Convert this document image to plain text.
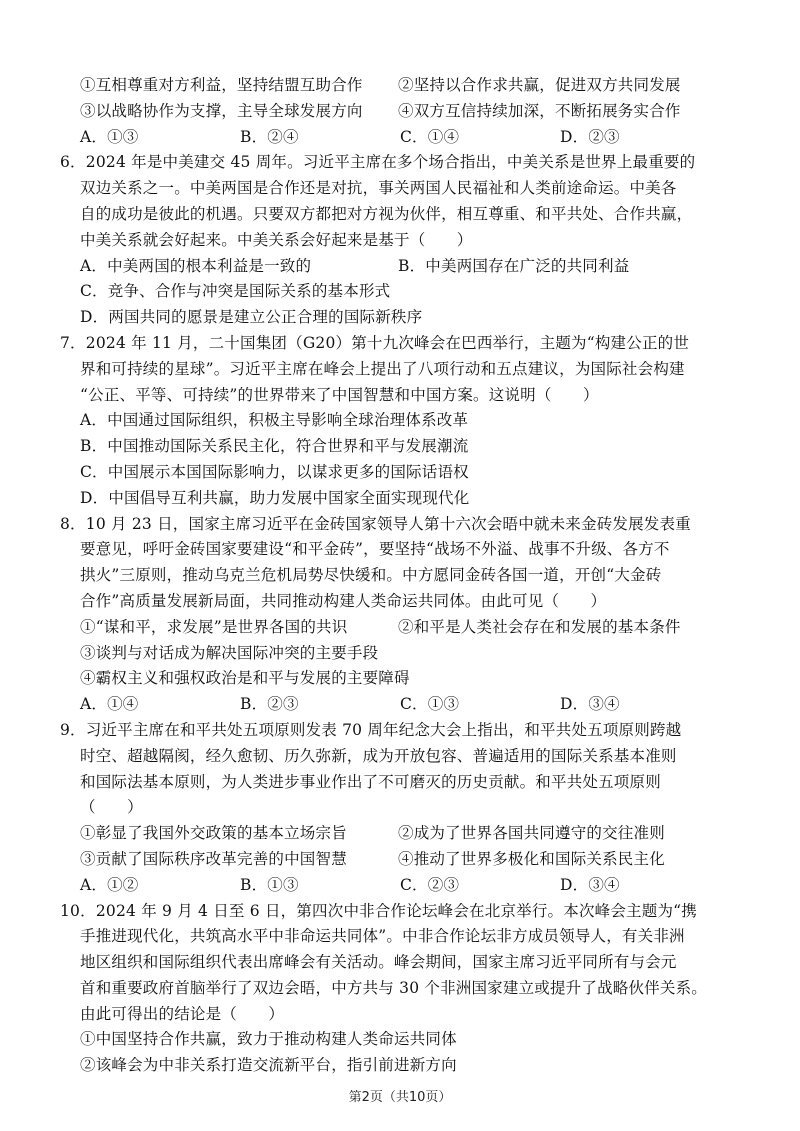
①互相尊重对方利益，坚持结盟互助合作	②坚持以合作求共赢，促进双方共同发展
③以战略协作为支撑，主导全球发展方向	④双方互信持续加深，不断拓展务实合作
A．①③	B．②④	C．①④	D．②③
6．2024 年是中美建交 45 周年。习近平主席在多个场合指出，中美关系是世界上最重要的
双边关系之一。中美两国是合作还是对抗，事关两国人民福祉和人类前途命运。中美各
自的成功是彼此的机遇。只要双方都把对方视为伙伴，相互尊重、和平共处、合作共赢，
中美关系就会好起来。中美关系会好起来是基于（　　）
A．中美两国的根本利益是一致的	B．中美两国存在广泛的共同利益
C．竞争、合作与冲突是国际关系的基本形式
D．两国共同的愿景是建立公正合理的国际新秩序
7．2024 年 11 月，二十国集团（G20）第十九次峰会在巴西举行，主题为“构建公正的世
界和可持续的星球”。习近平主席在峰会上提出了八项行动和五点建议，为国际社会构建
“公正、平等、可持续”的世界带来了中国智慧和中国方案。这说明（　　）
A．中国通过国际组织，积极主导影响全球治理体系改革
B．中国推动国际关系民主化，符合世界和平与发展潮流
C．中国展示本国国际影响力，以谋求更多的国际话语权
D．中国倡导互利共赢，助力发展中国家全面实现现代化
8．10 月 23 日，国家主席习近平在金砖国家领导人第十六次会晤中就未来金砖发展发表重
要意见，呼吁金砖国家要建设“和平金砖”，要坚持“战场不外溢、战事不升级、各方不
拱火”三原则，推动乌克兰危机局势尽快缓和。中方愿同金砖各国一道，开创“大金砖
合作”高质量发展新局面，共同推动构建人类命运共同体。由此可见（　　）
①“谋和平，求发展”是世界各国的共识	②和平是人类社会存在和发展的基本条件
③谈判与对话成为解决国际冲突的主要手段
④霸权主义和强权政治是和平与发展的主要障碍
A．①④	B．②③	C．①③	D．③④
9．习近平主席在和平共处五项原则发表 70 周年纪念大会上指出，和平共处五项原则跨越
时空、超越隔阂，经久愈韧、历久弥新，成为开放包容、普遍适用的国际关系基本准则
和国际法基本原则，为人类进步事业作出了不可磨灭的历史贡献。和平共处五项原则
（　　）
①彰显了我国外交政策的基本立场宗旨	②成为了世界各国共同遵守的交往准则
③贡献了国际秩序改革完善的中国智慧	④推动了世界多极化和国际关系民主化
A．①②	B．①③	C．②③	D．③④
10．2024 年 9 月 4 日至 6 日，第四次中非合作论坛峰会在北京举行。本次峰会主题为“携
手推进现代化，共筑高水平中非命运共同体”。中非合作论坛非方成员领导人，有关非洲
地区组织和国际组织代表出席峰会有关活动。峰会期间，国家主席习近平同所有与会元
首和重要政府首脑举行了双边会晤，中方共与 30 个非洲国家建立或提升了战略伙伴关系。
由此可得出的结论是（　　）
①中国坚持合作共赢，致力于推动构建人类命运共同体
②该峰会为中非关系打造交流新平台，指引前进新方向
第2页（共10页）
